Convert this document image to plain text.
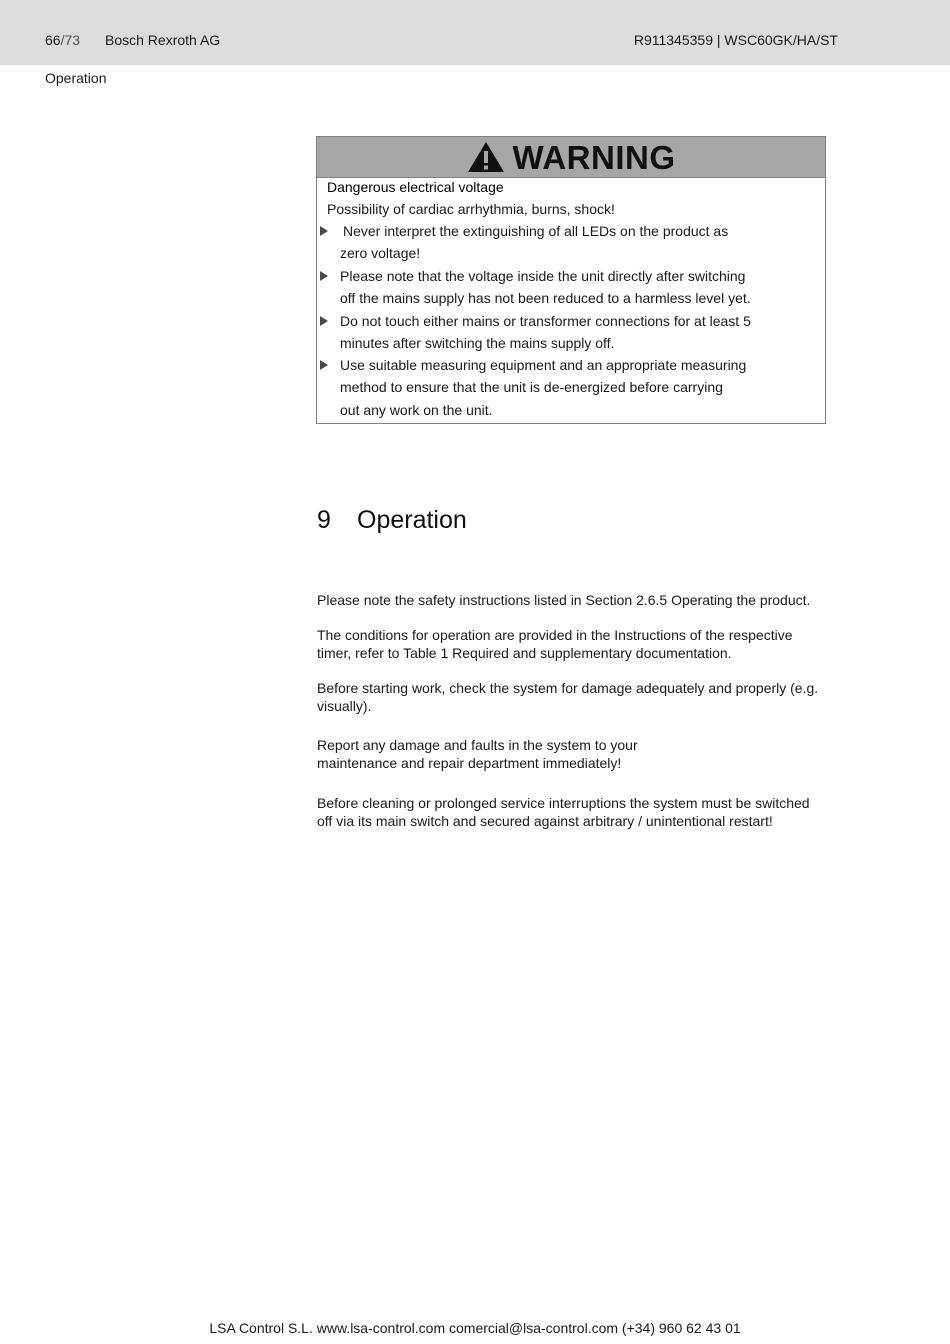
66/73 Bosch Rexroth AG	R911345359 | WSC60GK/HA/ST
Operation
WARNING
Dangerous electrical voltage
Possibility of cardiac arrhythmia, burns, shock!
Never interpret the extinguishing of all LEDs on the product as
zero voltage!
Please note that the voltage inside the unit directly after switching
off the mains supply has not been reduced to a harmless level yet.
Do not touch either mains or transformer connections for at least 5
minutes after switching the mains supply off.
Use suitable measuring equipment and an appropriate measuring
method to ensure that the unit is de-energized before carrying
out any work on the unit.
9 Operation
Please note the safety instructions listed in Section 2.6.5 Operating the product.
The conditions for operation are provided in the Instructions of the respective
timer, refer to Table 1 Required and supplementary documentation.
Before starting work, check the system for damage adequately and properly (e.g.
visually).
Report any damage and faults in the system to your
maintenance and repair department immediately!
Before cleaning or prolonged service interruptions the system must be switched
off via its main switch and secured against arbitrary / unintentional restart!
LSA Control S.L. www.lsa-control.com comercial@lsa-control.com (+34) 960 62 43 01
